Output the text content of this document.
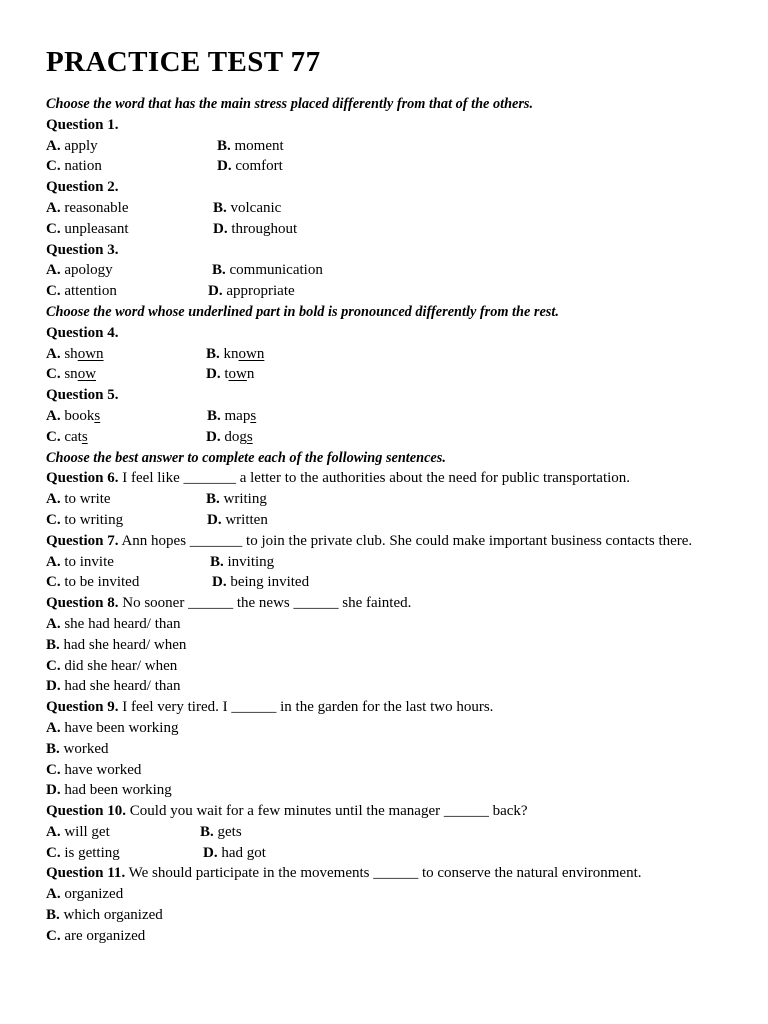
PRACTICE TEST 77
Choose the word that has the main stress placed differently from that of the others.
Question 1.
A. apply	B. moment
C. nation	D. comfort
Question 2.
A. reasonable	B. volcanic
C. unpleasant	D. throughout
Question 3.
A. apology	B. communication
C. attention	D. appropriate
Choose the word whose underlined part in bold is pronounced differently from the rest.
Question 4.
A. shown	B. known
C. snow	D. town
Question 5.
A. books	B. maps
C. cats	D. dogs
Choose the best answer to complete each of the following sentences.
Question 6. I feel like _______ a letter to the authorities about the need for public transportation.
A. to write	B. writing
C. to writing	D. written
Question 7. Ann hopes _______ to join the private club. She could make important business contacts there.
A. to invite	B. inviting
C. to be invited	D. being invited
Question 8. No sooner ______ the news ______ she fainted.
A. she had heard/ than
B. had she heard/ when
C. did she hear/ when
D. had she heard/ than
Question 9. I feel very tired. I ______ in the garden for the last two hours.
A. have been working
B. worked
C. have worked
D. had been working
Question 10. Could you wait for a few minutes until the manager ______ back?
A. will get	B. gets
C. is getting	D. had got
Question 11. We should participate in the movements ______ to conserve the natural environment.
A. organized
B. which organized
C. are organized
